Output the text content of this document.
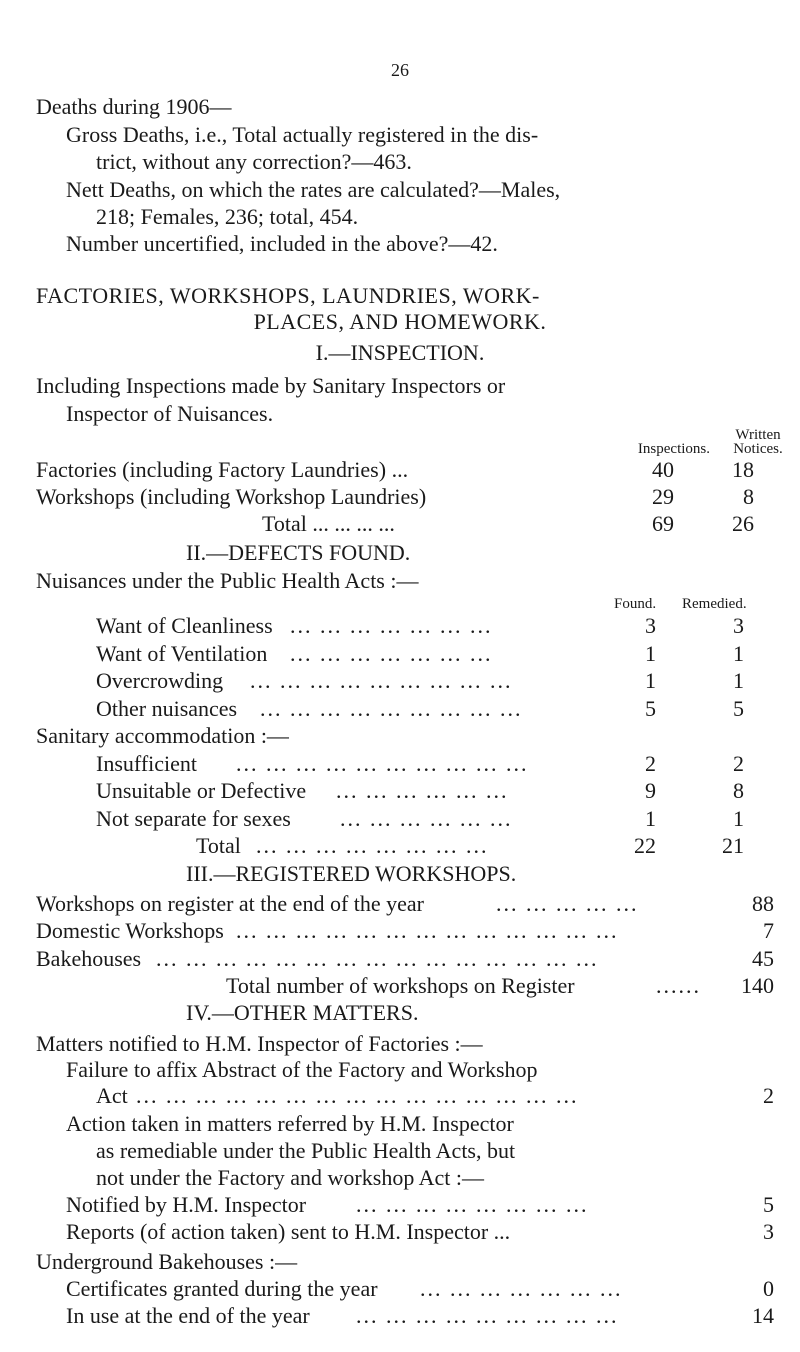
26
Deaths during 1906—
Gross Deaths, i.e., Total actually registered in the dis-
trict, without any correction?—463.
Nett Deaths, on which the rates are calculated?—Males,
218; Females, 236; total, 454.
Number uncertified, included in the above?—42.
FACTORIES, WORKSHOPS, LAUNDRIES, WORK-
PLACES, AND HOMEWORK.
I.—INSPECTION.
Including Inspections made by Sanitary Inspectors or
Inspector of Nuisances.
Written
Inspections.	Notices.
Factories (including Factory Laundries) ...	40	18
Workshops (including Workshop Laundries)	29	8
Total ... ... ... ...	69	26
II.—DEFECTS FOUND.
Nuisances under the Public Health Acts :—
Found. Remedied.
Want of Cleanliness ... ... ... ... ... ... ...	3	3
Want of Ventilation ... ... ... ... ... ... ...	1	1
Overcrowding ... ... ... ... ... ... ... ... ...	1	1
Other nuisances ... ... ... ... ... ... ... ... ...	5	5
Sanitary accommodation :—
Insufficient ... ... ... ... ... ... ... ... ... ...	2	2
Unsuitable or Defective ... ... ... ... ... ...	9	8
Not separate for sexes ... ... ... ... ... ...	1	1
Total ... ... ... ... ... ... ... ...	22	21
III.—REGISTERED WORKSHOPS.
Workshops on register at the end of the year	... ... ... ... ...	88
Domestic Workshops ... ... ... ... ... ... ... ... ... ... ... ... ...	7
Bakehouses ... ... ... ... ... ... ... ... ... ... ... ... ... ... ...	45
Total number of workshops on Register	......	140
IV.—OTHER MATTERS.
Matters notified to H.M. Inspector of Factories :—
Failure to affix Abstract of the Factory and Workshop
Act ... ... ... ... ... ... ... ... ... ... ... ... ... ... ...	2
Action taken in matters referred by H.M. Inspector
as remediable under the Public Health Acts, but
not under the Factory and workshop Act :—
Notified by H.M. Inspector ... ... ... ... ... ... ... ...	5
Reports (of action taken) sent to H.M. Inspector ...	3
Underground Bakehouses :—
Certificates granted during the year ... ... ... ... ... ... ...	0
In use at the end of the year ... ... ... ... ... ... ... ... ...	14
